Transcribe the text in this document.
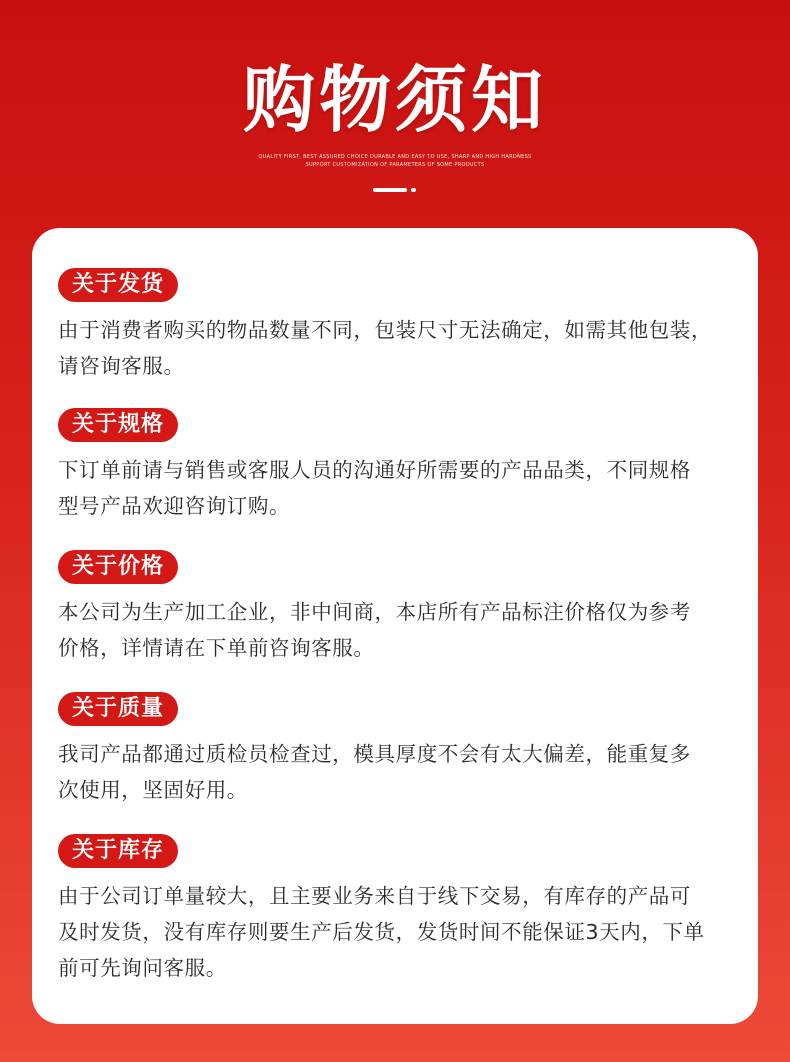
购物须知
QUALITY FIRST, BEST ASSURED CHOICE DURABLE AND EASY TO USE, SHARP AND HIGH HARDNESS
SUPPORT CUSTOMIZATION OF PARAMETERS OF SOME PRODUCTS
关于发货
由于消费者购买的物品数量不同，包装尺寸无法确定，如需其他包装，
请咨询客服。
关于规格
下订单前请与销售或客服人员的沟通好所需要的产品品类，不同规格
型号产品欢迎咨询订购。
关于价格
本公司为生产加工企业，非中间商，本店所有产品标注价格仅为参考
价格，详情请在下单前咨询客服。
关于质量
我司产品都通过质检员检查过，模具厚度不会有太大偏差，能重复多
次使用，坚固好用。
关于库存
由于公司订单量较大，且主要业务来自于线下交易，有库存的产品可
及时发货，没有库存则要生产后发货，发货时间不能保证3天内，下单
前可先询问客服。
